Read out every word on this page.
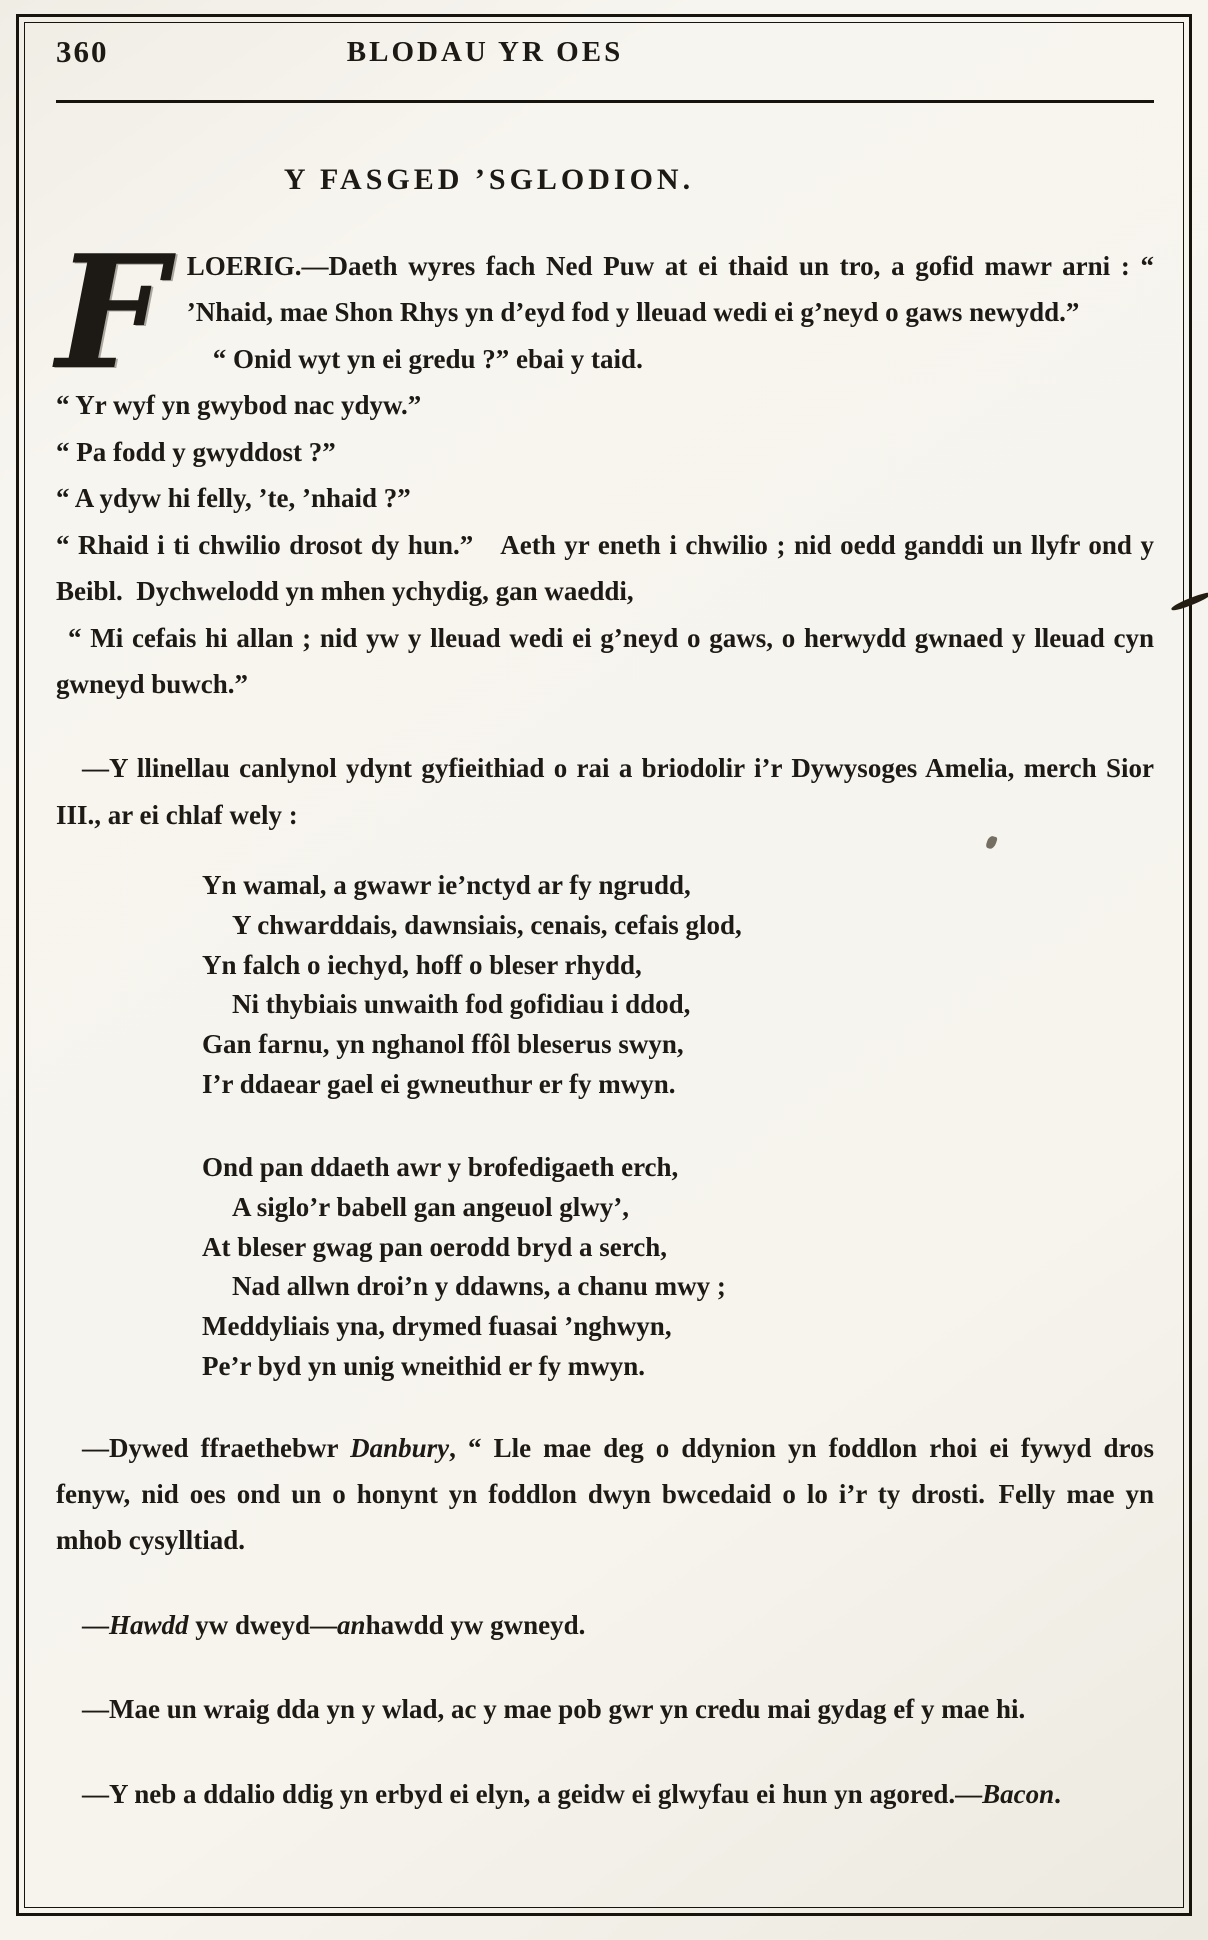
360	BLODAU YR OES
Y FASGED ’SGLODION.

FLOERIG.—Daeth wyres fach Ned Puw at ei thaid un tro, a gofid mawr arni : “ ’Nhaid, mae Shon Rhys yn d’eyd fod y lleuad wedi ei g’neyd o gaws newydd.”

“ Onid wyt yn ei gredu ?” ebai y taid.

“ Yr wyf yn gwybod nac ydyw.”

“ Pa fodd y gwyddost ?”

“ A ydyw hi felly, ’te, ’nhaid ?”

“ Rhaid i ti chwilio drosot dy hun.” Aeth yr eneth i chwilio ; nid oedd ganddi un llyfr ond y Beibl. Dychwelodd yn mhen ychydig, gan waeddi,

“ Mi cefais hi allan ; nid yw y lleuad wedi ei g’neyd o gaws, o herwydd gwnaed y lleuad cyn gwneyd buwch.”

—Y llinellau canlynol ydynt gyfieithiad o rai a briodolir i’r Dywysoges Amelia, merch Sior III., ar ei chlaf wely :

Yn wamal, a gwawr ie’nctyd ar fy ngrudd,
Y chwarddais, dawnsiais, cenais, cefais glod,
Yn falch o iechyd, hoff o bleser rhydd,
Ni thybiais unwaith fod gofidiau i ddod,
Gan farnu, yn nghanol ffôl bleserus swyn,
I’r ddaear gael ei gwneuthur er fy mwyn.
Ond pan ddaeth awr y brofedigaeth erch,
A siglo’r babell gan angeuol glwy’,
At bleser gwag pan oerodd bryd a serch,
Nad allwn droi’n y ddawns, a chanu mwy ;
Meddyliais yna, drymed fuasai ’nghwyn,
Pe’r byd yn unig wneithid er fy mwyn.

—Dywed ffraethebwr Danbury, “ Lle mae deg o ddynion yn foddlon rhoi ei fywyd dros fenyw, nid oes ond un o honynt yn foddlon dwyn bwcedaid o lo i’r ty drosti. Felly mae yn mhob cysylltiad.

—Hawdd yw dweyd—anhawdd yw gwneyd.

—Mae un wraig dda yn y wlad, ac y mae pob gwr yn credu mai gydag ef y mae hi.

—Y neb a ddalio ddig yn erbyd ei elyn, a geidw ei glwyfau ei hun yn agored.—Bacon.
